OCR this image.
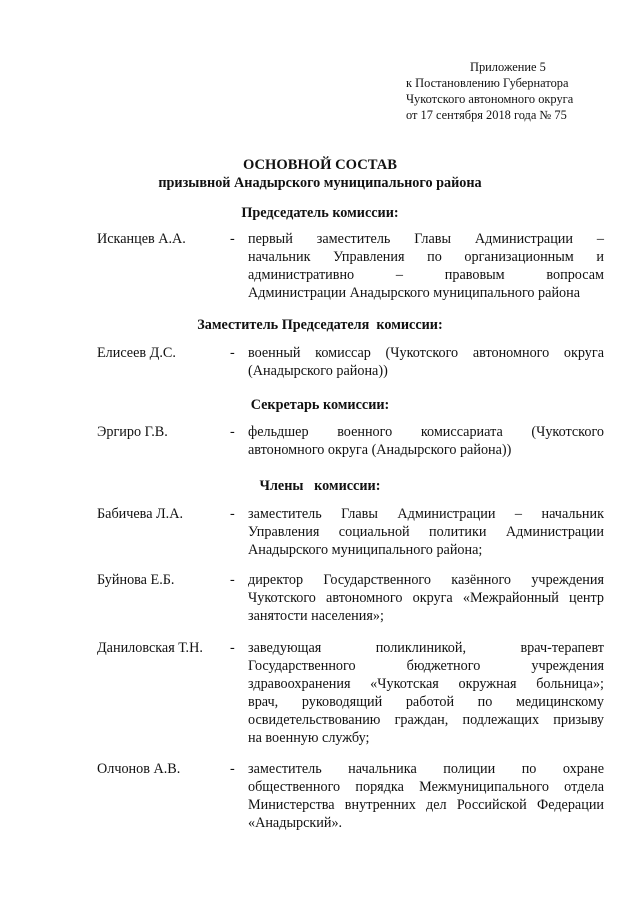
Приложение 5
к Постановлению Губернатора
Чукотского автономного округа
от 17 сентября 2018 года № 75
ОСНОВНОЙ СОСТАВ
призывной Анадырского муниципального района
Председатель комиссии:
Исканцев А.А.	- первый заместитель Главы Администрации –
начальник Управления по организационным и
административно – правовым вопросам
Администрации Анадырского муниципального района
Заместитель Председателя  комиссии:
Елисеев Д.С.	- военный комиссар (Чукотского автономного округа
(Анадырского района))
Секретарь комиссии:
Эргиро Г.В.	- фельдшер военного комиссариата (Чукотского
автономного округа (Анадырского района))
Члены   комиссии:
Бабичева Л.А.	- заместитель Главы Администрации – начальник
Управления социальной политики Администрации
Анадырского муниципального района;
Буйнова Е.Б.	- директор Государственного казённого учреждения
Чукотского автономного округа «Межрайонный центр
занятости населения»;
Даниловская Т.Н. - заведующая поликлиникой, врач-терапевт
Государственного бюджетного учреждения
здравоохранения «Чукотская окружная больница»;
врач, руководящий работой по медицинскому
освидетельствованию граждан, подлежащих призыву
на военную службу;
Олчонов А.В.	- заместитель начальника полиции по охране
общественного порядка Межмуниципального отдела
Министерства внутренних дел Российской Федерации
«Анадырский».
